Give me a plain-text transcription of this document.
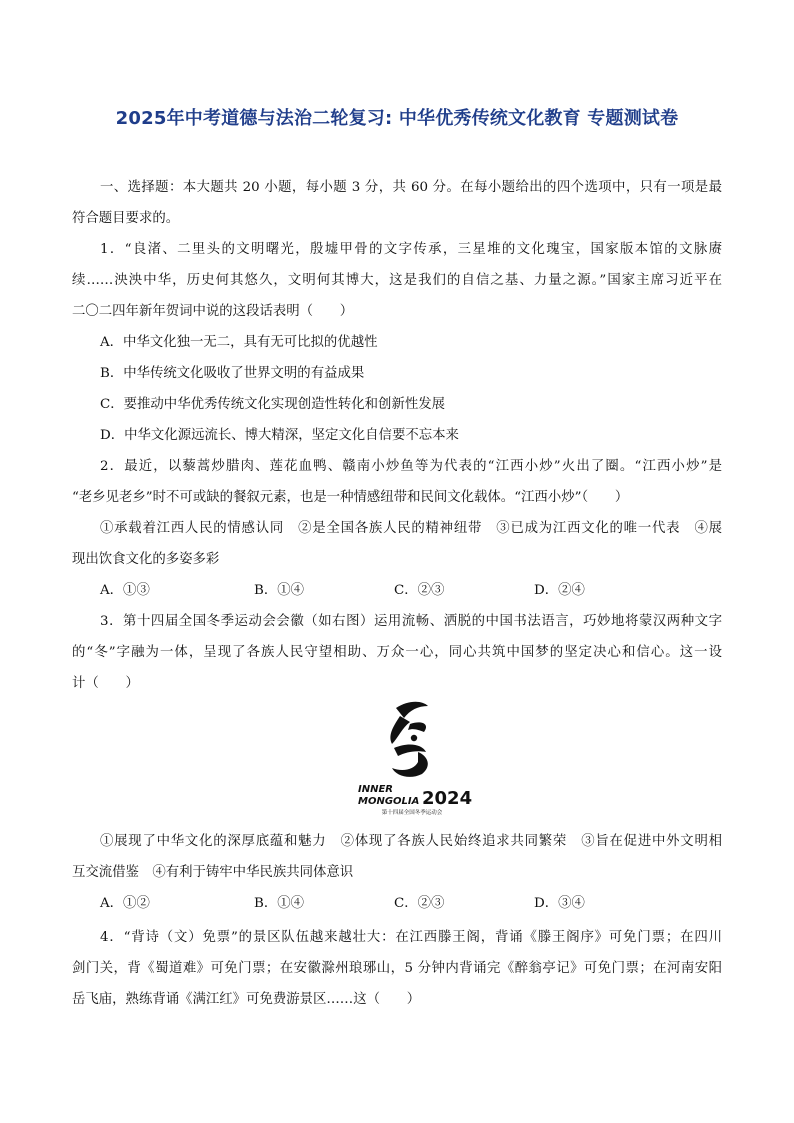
2025年中考道德与法治二轮复习: 中华优秀传统文化教育 专题测试卷
一、选择题：本大题共 20 小题，每小题 3 分，共 60 分。在每小题给出的四个选项中，只有一项是最
符合题目要求的。
1．“良渚、二里头的文明曙光，殷墟甲骨的文字传承，三星堆的文化瑰宝，国家版本馆的文脉赓
续……泱泱中华，历史何其悠久，文明何其博大，这是我们的自信之基、力量之源。”国家主席习近平在
二〇二四年新年贺词中说的这段话表明（　　）
A．中华文化独一无二，具有无可比拟的优越性
B．中华传统文化吸收了世界文明的有益成果
C．要推动中华优秀传统文化实现创造性转化和创新性发展
D．中华文化源远流长、博大精深，坚定文化自信要不忘本来
2．最近，以藜蒿炒腊肉、莲花血鸭、赣南小炒鱼等为代表的“江西小炒”火出了圈。“江西小炒”是
“老乡见老乡”时不可或缺的餐叙元素，也是一种情感纽带和民间文化载体。“江西小炒”（　　）
①承载着江西人民的情感认同　②是全国各族人民的精神纽带　③已成为江西文化的唯一代表　④展
现出饮食文化的多姿多彩
A．①③	B．①④	C．②③	D．②④
3．第十四届全国冬季运动会会徽（如右图）运用流畅、洒脱的中国书法语言，巧妙地将蒙汉两种文字
的“冬”字融为一体，呈现了各族人民守望相助、万众一心，同心共筑中国梦的坚定决心和信心。这一设
计（　　）
INNER
MONGOLIA 2024
第十四届全国冬季运动会
①展现了中华文化的深厚底蕴和魅力　②体现了各族人民始终追求共同繁荣　③旨在促进中外文明相
互交流借鉴　④有利于铸牢中华民族共同体意识
A．①②	B．①④	C．②③	D．③④
4．“背诗（文）免票”的景区队伍越来越壮大：在江西滕王阁，背诵《滕王阁序》可免门票；在四川
剑门关，背《蜀道难》可免门票；在安徽滁州琅琊山，5 分钟内背诵完《醉翁亭记》可免门票；在河南安阳
岳飞庙，熟练背诵《满江红》可免费游景区……这（　　）
